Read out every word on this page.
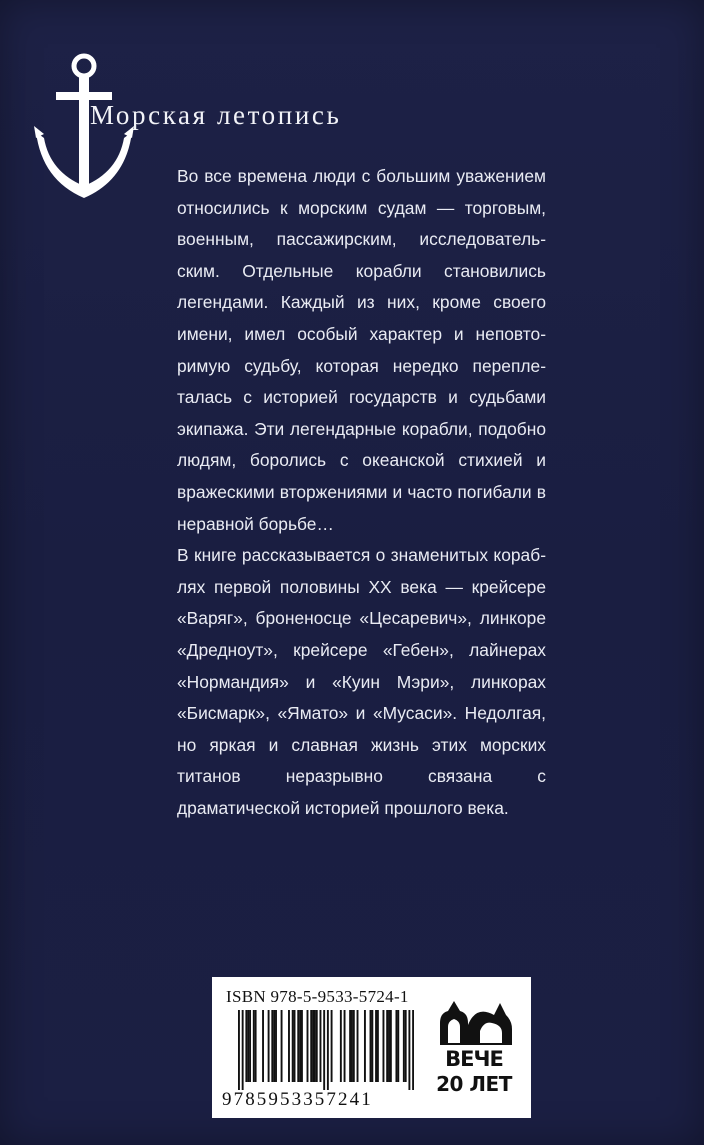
Морская летопись

Во все времена люди с большим уважением относились к морским судам — торговым, военным, пассажирским, исследовательским. Отдельные корабли становились легендами. Каждый из них, кроме своего имени, имел особый характер и неповторимую судьбу, которая нередко переплеталась с историей государств и судьбами экипажа. Эти легендарные корабли, подобно людям, боролись с океанской стихией и вражескими вторжениями и часто погибали в неравной борьбе…

В книге рассказывается о знаменитых кораблях первой половины XX века — крейсере «Варяг», броненосце «Цесаревич», линкоре «Дредноут», крейсере «Гебен», лайнерах «Нормандия» и «Куин Мэри», линкорах «Бисмарк», «Ямато» и «Мусаси». Недолгая, но яркая и славная жизнь этих морских титанов неразрывно связана с драматической историей прошлого века.

ISBN 978-5-9533-5724-1
9785953357241
ВЕЧЕ
20 ЛЕТ
